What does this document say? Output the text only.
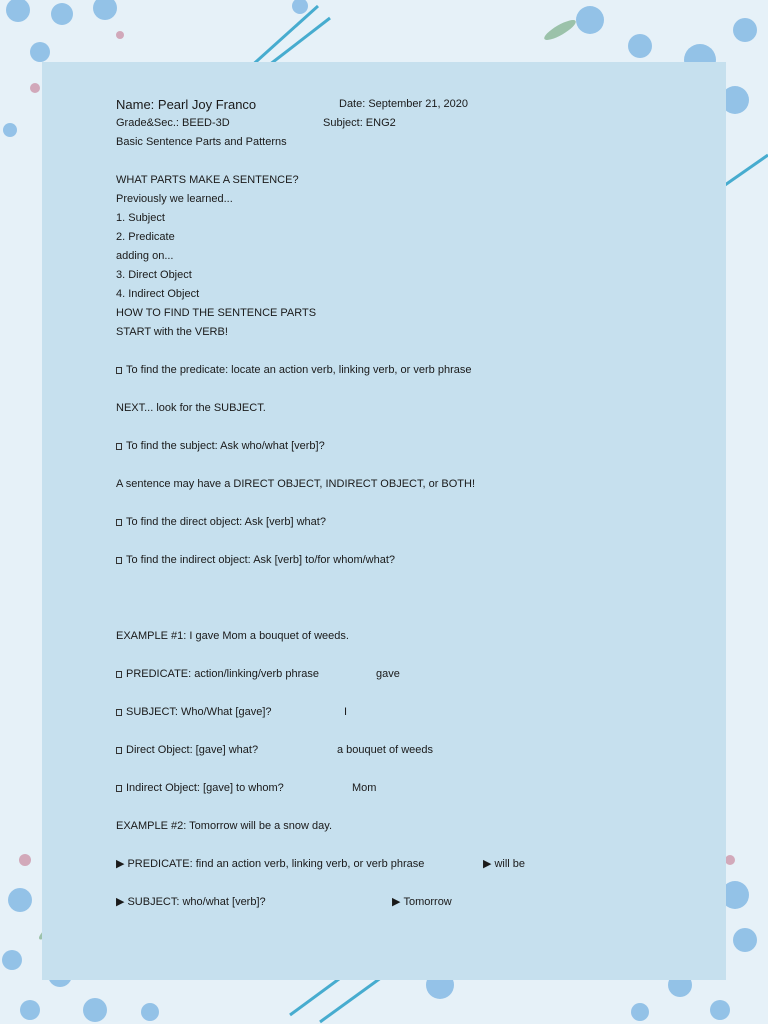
Name: Pearl Joy Franco	Date: September 21, 2020
Grade&Sec.: BEED-3D	Subject: ENG2
Basic Sentence Parts and Patterns
WHAT PARTS MAKE A SENTENCE?
Previously we learned...
1. Subject
2. Predicate
adding on...
3. Direct Object
4. Indirect Object
HOW TO FIND THE SENTENCE PARTS
START with the VERB!
To find the predicate: locate an action verb, linking verb, or verb phrase
NEXT... look for the SUBJECT.
To find the subject: Ask who/what [verb]?
A sentence may have a DIRECT OBJECT, INDIRECT OBJECT, or BOTH!
To find the direct object: Ask [verb] what?
To find the indirect object: Ask [verb] to/for whom/what?
EXAMPLE #1: I gave Mom a bouquet of weeds.
PREDICATE: action/linking/verb phrase	gave
SUBJECT: Who/What [gave]?	I
Direct Object: [gave] what?	a bouquet of weeds
Indirect Object: [gave] to whom?	Mom
EXAMPLE #2: Tomorrow will be a snow day.
▶ PREDICATE: find an action verb, linking verb, or verb phrase	▶ will be
▶ SUBJECT: who/what [verb]?	▶ Tomorrow
